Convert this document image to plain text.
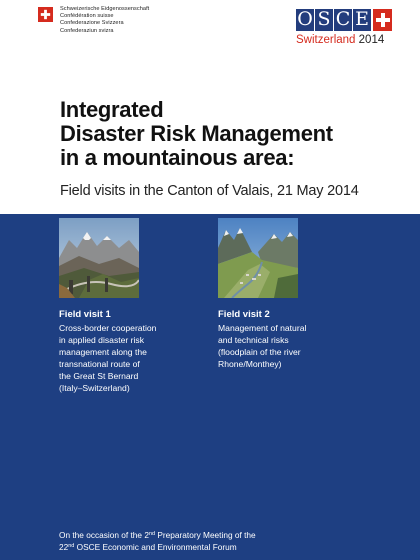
Schweizerische Eidgenossenschaft
Confédération suisse
Confederazione Svizzera
Confederaziun svizra
O S C E
Switzerland 2014
Integrated
Disaster Risk Management
in a mountainous area:
Field visits in the Canton of Valais, 21 May 2014
Field visit 1
Cross-border cooperation
in applied disaster risk
management along the
transnational route of
the Great St Bernard
(Italy–Switzerland)
Field visit 2
Management of natural
and technical risks
(floodplain of the river
Rhone/Monthey)
On the occasion of the 2nd Preparatory Meeting of the
22nd OSCE Economic and Environmental Forum
